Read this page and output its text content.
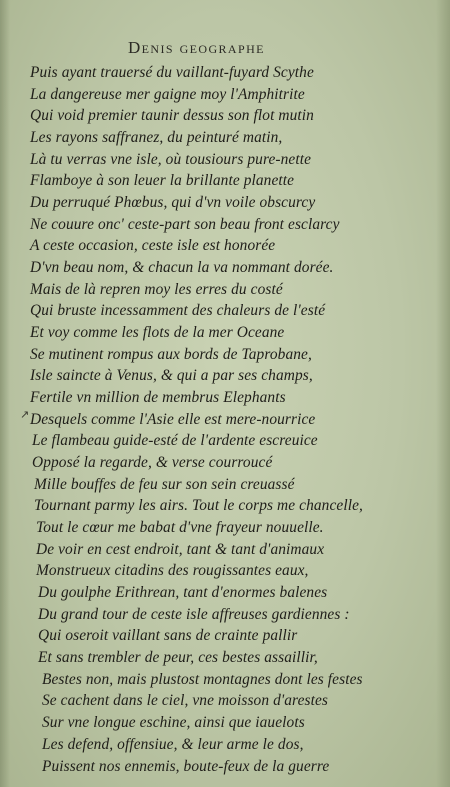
Denis geographe
↗
Puis ayant trauersé du vaillant-fuyard Scythe
La dangereuse mer gaigne moy l'Amphitrite
Qui void premier taunir dessus son flot mutin
Les rayons saffranez, du peinturé matin,
Là tu verras vne isle, où tousiours pure-nette
Flamboye à son leuer la brillante planette
Du perruqué Phœbus, qui d'vn voile obscurcy
Ne couure onc' ceste-part son beau front esclarcy
A ceste occasion, ceste isle est honorée
D'vn beau nom, & chacun la va nommant dorée.
Mais de là repren moy les erres du costé
Qui bruste incessamment des chaleurs de l'esté
Et voy comme les flots de la mer Oceane
Se mutinent rompus aux bords de Taprobane,
Isle saincte à Venus, & qui a par ses champs,
Fertile vn million de membrus Elephants
Desquels comme l'Asie elle est mere-nourrice
Le flambeau guide-esté de l'ardente escreuice
Opposé la regarde, & verse courroucé
Mille bouffes de feu sur son sein creuassé
Tournant parmy les airs. Tout le corps me chancelle,
Tout le cœur me babat d'vne frayeur nouuelle.
De voir en cest endroit, tant & tant d'animaux
Monstrueux citadins des rougissantes eaux,
Du goulphe Erithrean, tant d'enormes balenes
Du grand tour de ceste isle affreuses gardiennes :
Qui oseroit vaillant sans de crainte pallir
Et sans trembler de peur, ces bestes assaillir,
Bestes non, mais plustost montagnes dont les festes
Se cachent dans le ciel, vne moisson d'arestes
Sur vne longue eschine, ainsi que iauelots
Les defend, offensiue, & leur arme le dos,
Puissent nos ennemis, boute-feux de la guerre
